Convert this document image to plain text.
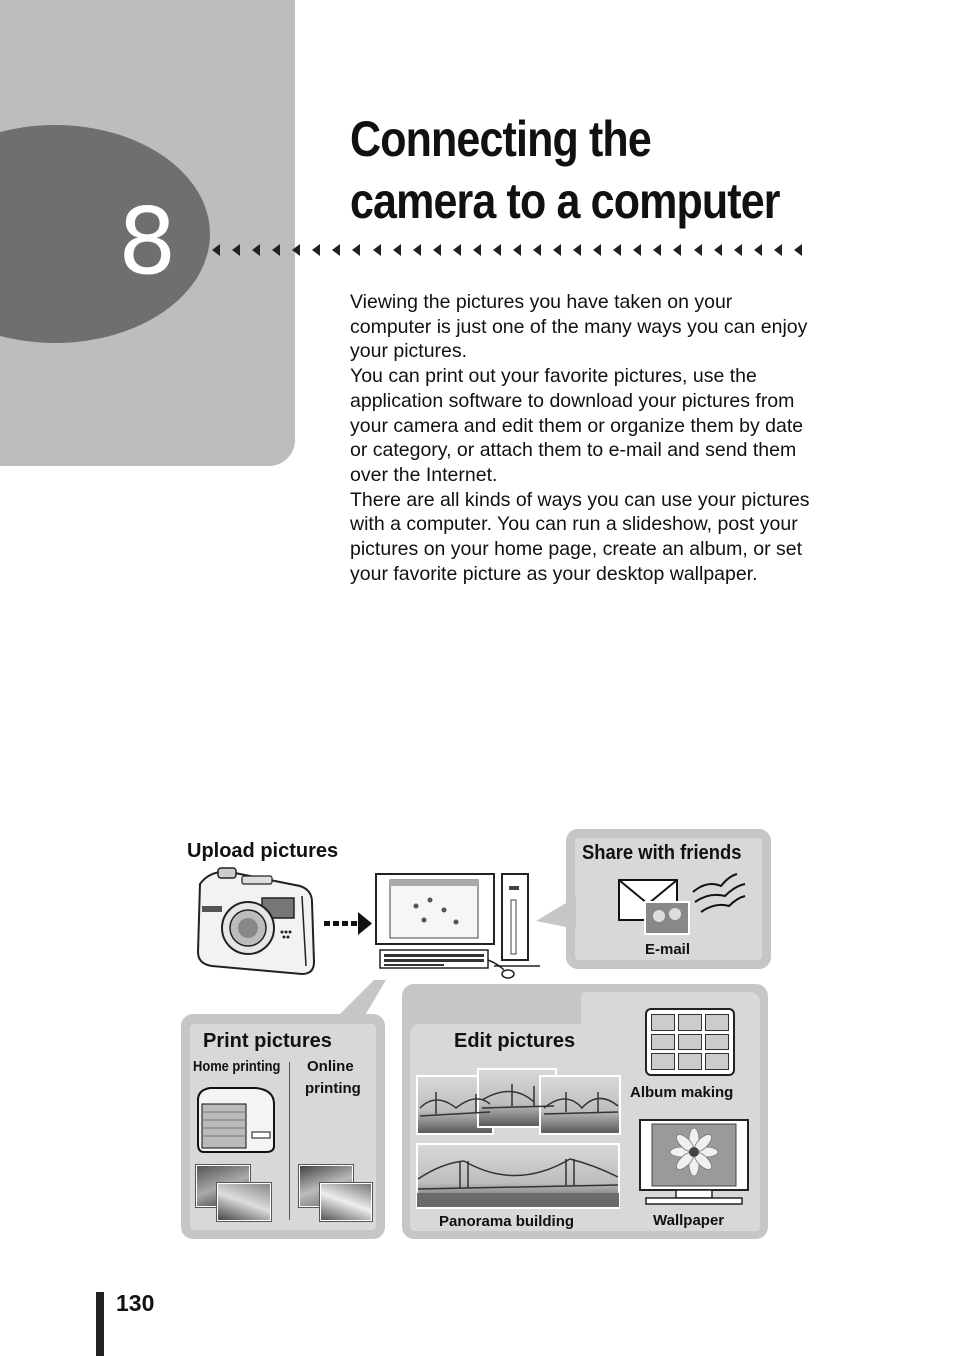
8
Connecting the
camera to a computer

Viewing the pictures you have taken on your computer is just one of the many ways you can enjoy your pictures.

You can print out your favorite pictures, use the application software to download your pictures from your camera and edit them or organize them by date or category, or attach them to e-mail and send them over the Internet.

There are all kinds of ways you can use your pictures with a computer. You can run a slideshow, post your pictures on your home page, create an album, or set your favorite picture as your desktop wallpaper.

Upload pictures	Share with friends
E-mail
Print pictures
Home printing Online
printing
Edit pictures
Album making
Panorama building	Wallpaper
130
